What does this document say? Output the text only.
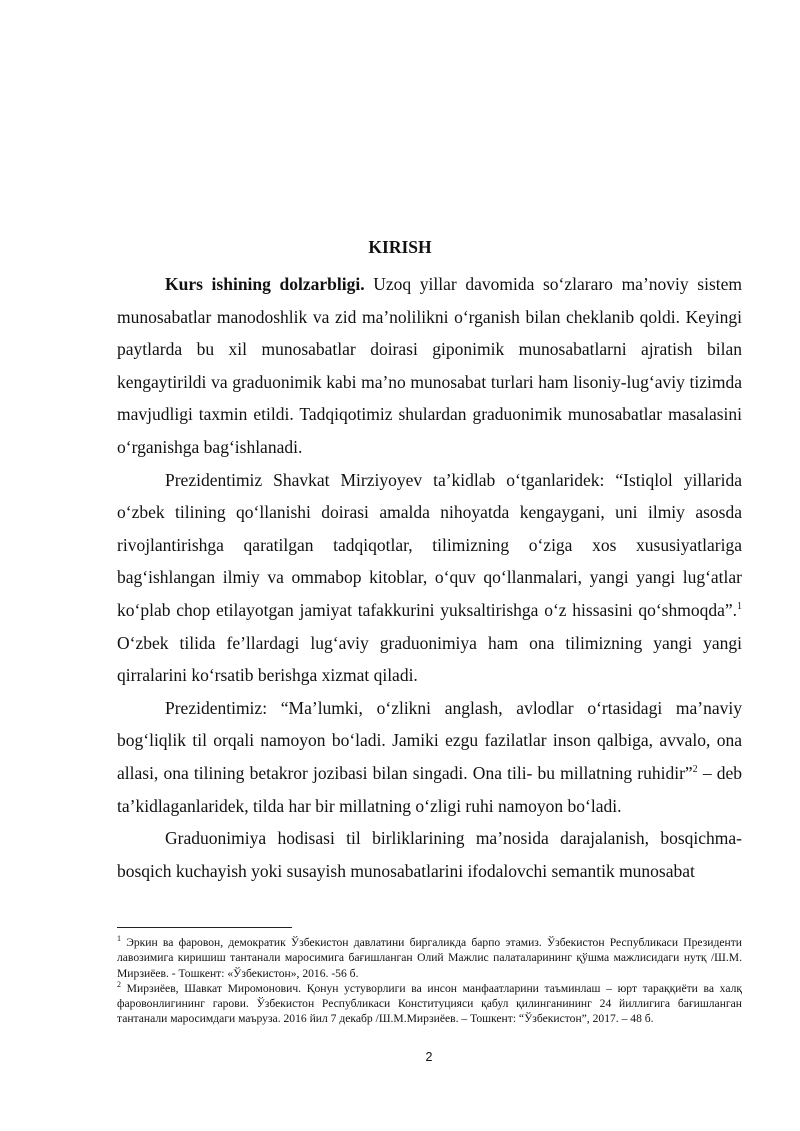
KIRISH

Kurs ishining dolzarbligi. Uzoq yillar davomida so‘zlararo ma’noviy sistem munosabatlar manodoshlik va zid ma’nolilikni o‘rganish bilan cheklanib qoldi. Keyingi paytlarda bu xil munosabatlar doirasi giponimik munosabatlarni ajratish bilan kengaytirildi va graduonimik kabi ma’no munosabat turlari ham lisoniy-lug‘aviy tizimda mavjudligi taxmin etildi. Tadqiqotimiz shulardan graduonimik munosabatlar masalasini o‘rganishga bag‘ishlanadi.

Prezidentimiz Shavkat Mirziyoyev ta’kidlab o‘tganlaridek: “Istiqlol yillarida o‘zbek tilining qo‘llanishi doirasi amalda nihoyatda kengaygani, uni ilmiy asosda rivojlantirishga qaratilgan tadqiqotlar, tilimizning o‘ziga xos xususiyatlariga bag‘ishlangan ilmiy va ommabop kitoblar, o‘quv qo‘llanmalari, yangi yangi lug‘atlar ko‘plab chop etilayotgan jamiyat tafakkurini yuksaltirishga o‘z hissasini qo‘shmoqda”.$^1$ O‘zbek tilida fe’llardagi lug‘aviy graduonimiya ham ona tilimizning yangi yangi qirralarini ko‘rsatib berishga xizmat qiladi.

Prezidentimiz: “Ma’lumki, o‘zlikni anglash, avlodlar o‘rtasidagi ma’naviy bog‘liqlik til orqali namoyon bo‘ladi. Jamiki ezgu fazilatlar inson qalbiga, avvalo, ona allasi, ona tilining betakror jozibasi bilan singadi. Ona tili- bu millatning ruhidir”$^2$ – deb ta’kidlaganlaridek, tilda har bir millatning o‘zligi ruhi namoyon bo‘ladi.

Graduonimiya hodisasi til birliklarining ma’nosida darajalanish, bosqichma-bosqich kuchayish yoki susayish munosabatlarini ifodalovchi semantik munosabat

$^1$ Эркин ва фаровон, демократик Ўзбекистон давлатини биргаликда барпо этамиз. Ўзбекистон Республикаси Президенти лавозимига киришиш тантанали маросимига бағишланган Олий Мажлис палаталарининг қўшма мажлисидаги нутқ /Ш.М. Мирзиёев. - Тошкент: «Ўзбекистон», 2016. -56 б.

$^2$ Мирзиёев, Шавкат Миромонович. Қонун устуворлиги ва инсон манфаатларини таъминлаш – юрт тараққиёти ва халқ фаровонлигининг гарови. Ўзбекистон Республикаси Конституцияси қабул қилинганининг 24 йиллигига бағишланган тантанали маросимдаги маъруза. 2016 йил 7 декабр /Ш.М.Мирзиёев. – Тошкент: “Ўзбекистон”, 2017. – 48 б.

2
